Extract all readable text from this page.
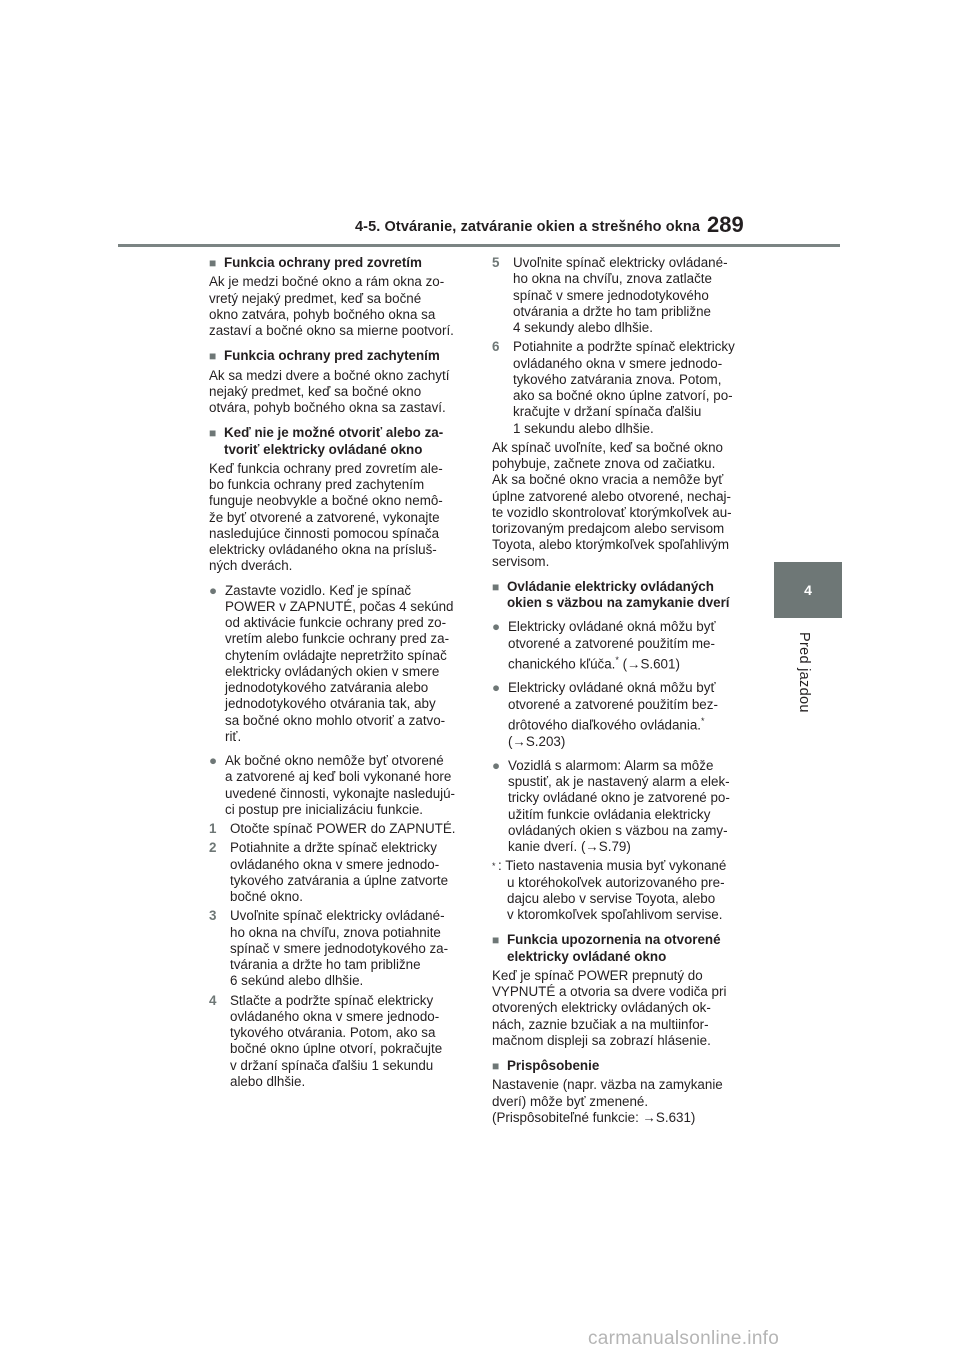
4-5. Otváranie, zatváranie okien a strešného okna 289
4
Pred jazdou
■ Funkcia ochrany pred zovretím
Ak je medzi bočné okno a rám okna zo-
vretý nejaký predmet, keď sa bočné
okno zatvára, pohyb bočného okna sa
zastaví a bočné okno sa mierne pootvorí.
■ Funkcia ochrany pred zachytením
Ak sa medzi dvere a bočné okno zachytí
nejaký predmet, keď sa bočné okno
otvára, pohyb bočného okna sa zastaví.
■ Keď nie je možné otvoriť alebo za-
tvoriť elektricky ovládané okno
Keď funkcia ochrany pred zovretím ale-
bo funkcia ochrany pred zachytením
funguje neobvykle a bočné okno nemô-
že byť otvorené a zatvorené, vykonajte
nasledujúce činnosti pomocou spínača
elektricky ovládaného okna na prísluš-
ných dverách.
● Zastavte vozidlo. Keď je spínač
POWER v ZAPNUTÉ, počas 4 sekúnd
od aktivácie funkcie ochrany pred zo-
vretím alebo funkcie ochrany pred za-
chytením ovládajte nepretržito spínač
elektricky ovládaných okien v smere
jednodotykového zatvárania alebo
jednodotykového otvárania tak, aby
sa bočné okno mohlo otvoriť a zatvo-
riť.
● Ak bočné okno nemôže byť otvorené
a zatvorené aj keď boli vykonané hore
uvedené činnosti, vykonajte nasledujú-
ci postup pre inicializáciu funkcie.
1	Otočte spínač POWER do ZAPNUTÉ.
2	Potiahnite a držte spínač elektricky
ovládaného okna v smere jednodo-
tykového zatvárania a úplne zatvorte
bočné okno.
3	Uvoľnite spínač elektricky ovládané-
ho okna na chvíľu, znova potiahnite
spínač v smere jednodotykového za-
tvárania a držte ho tam približne
6 sekúnd alebo dlhšie.
4	Stlačte a podržte spínač elektricky
ovládaného okna v smere jednodo-
tykového otvárania. Potom, ako sa
bočné okno úplne otvorí, pokračujte
v držaní spínača ďalšiu 1 sekundu
alebo dlhšie.
5	Uvoľnite spínač elektricky ovládané-
ho okna na chvíľu, znova zatlačte
spínač v smere jednodotykového
otvárania a držte ho tam približne
4 sekundy alebo dlhšie.
6	Potiahnite a podržte spínač elektricky
ovládaného okna v smere jednodo-
tykového zatvárania znova. Potom,
ako sa bočné okno úplne zatvorí, po-
kračujte v držaní spínača ďalšiu
1 sekundu alebo dlhšie.
Ak spínač uvoľníte, keď sa bočné okno
pohybuje, začnete znova od začiatku.
Ak sa bočné okno vracia a nemôže byť
úplne zatvorené alebo otvorené, nechaj-
te vozidlo skontrolovať ktorýmkoľvek au-
torizovaným predajcom alebo servisom
Toyota, alebo ktorýmkoľvek spoľahlivým
servisom.
■ Ovládanie elektricky ovládaných
okien s väzbou na zamykanie dverí
● Elektricky ovládané okná môžu byť
otvorené a zatvorené použitím me-
chanického kľúča.* (→S.601)
● Elektricky ovládané okná môžu byť
otvorené a zatvorené použitím bez-
drôtového diaľkového ovládania.*
(→S.203)
● Vozidlá s alarmom: Alarm sa môže
spustiť, ak je nastavený alarm a elek-
tricky ovládané okno je zatvorené po-
užitím funkcie ovládania elektricky
ovládaných okien s väzbou na zamy-
kanie dverí. (→S.79)
* : Tieto nastavenia musia byť vykonané
u ktoréhokoľvek autorizovaného pre-
dajcu alebo v servise Toyota, alebo
v ktoromkoľvek spoľahlivom servise.
■ Funkcia upozornenia na otvorené
elektricky ovládané okno
Keď je spínač POWER prepnutý do
VYPNUTÉ a otvoria sa dvere vodiča pri
otvorených elektricky ovládaných ok-
nách, zaznie bzučiak a na multiinfor-
mačnom displeji sa zobrazí hlásenie.
■ Prispôsobenie
Nastavenie (napr. väzba na zamykanie
dverí) môže byť zmenené.
(Prispôsobiteľné funkcie: →S.631)
carmanualsonline.info
